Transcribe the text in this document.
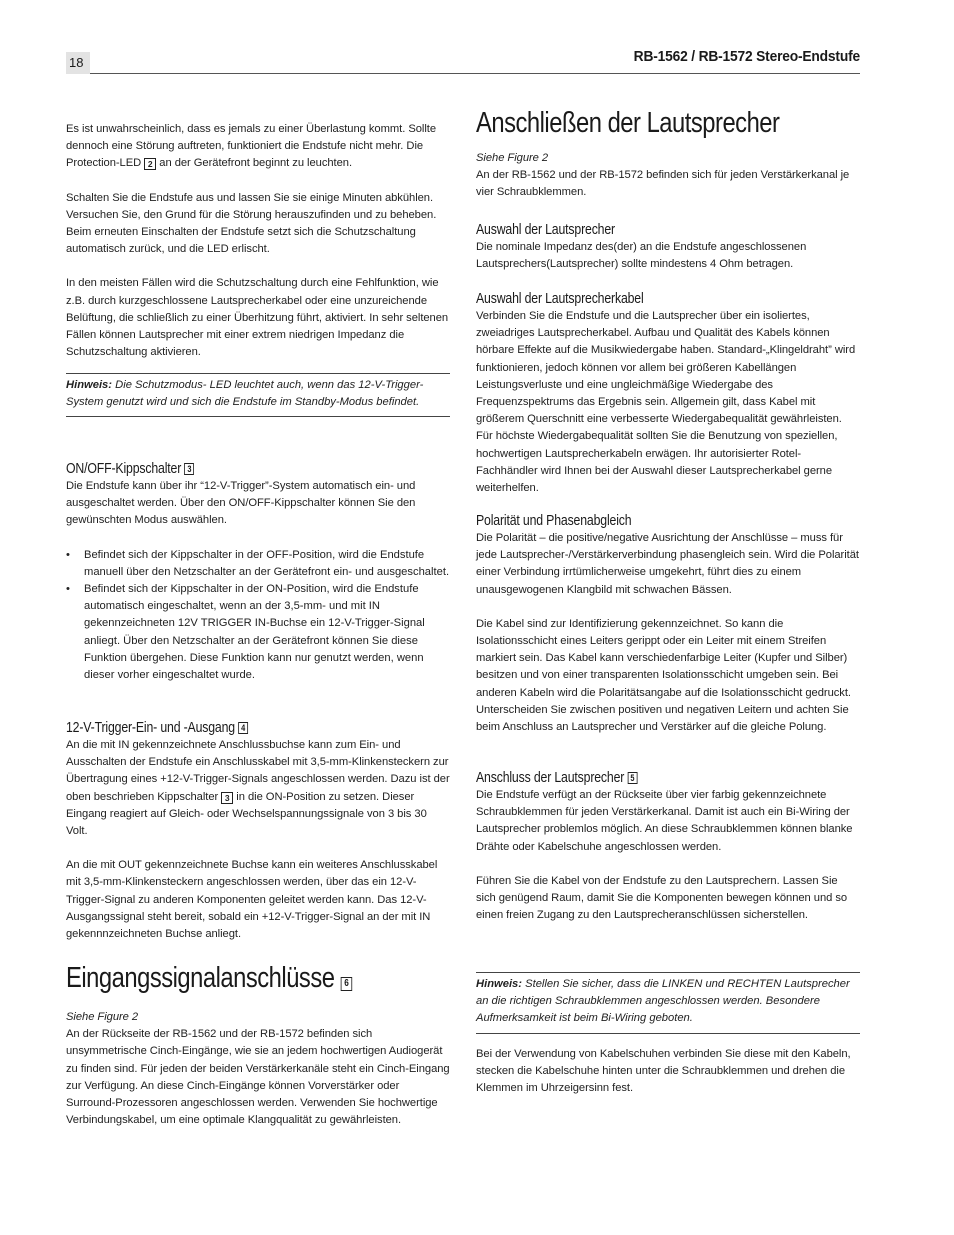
18	RB-1562 / RB-1572 Stereo-Endstufe

Es ist unwahrscheinlich, dass es jemals zu einer Überlastung kommt. Sollte dennoch eine Störung auftreten, funktioniert die Endstufe nicht mehr. Die Protection-LED 2 an der Gerätefront beginnt zu leuchten.

Schalten Sie die Endstufe aus und lassen Sie sie einige Minuten abkühlen. Versuchen Sie, den Grund für die Störung herauszufinden und zu beheben. Beim erneuten Einschalten der Endstufe setzt sich die Schutzschaltung automatisch zurück, und die LED erlischt.

In den meisten Fällen wird die Schutzschaltung durch eine Fehlfunktion, wie z.B. durch kurzgeschlossene Lautsprecherkabel oder eine unzureichende Belüftung, die schließlich zu einer Überhitzung führt, aktiviert. In sehr seltenen Fällen können Lautsprecher mit einer extrem niedrigen Impedanz die Schutzschaltung aktivieren.

Hinweis: Die Schutzmodus- LED leuchtet auch, wenn das 12-V-Trigger-System genutzt wird und sich die Endstufe im Standby-Modus befindet.

ON/OFF-Kippschalter 3

Die Endstufe kann über ihr “12-V-Trigger”-System automatisch ein- und ausgeschaltet werden. Über den ON/OFF-Kippschalter können Sie den gewünschten Modus auswählen.

• Befindet sich der Kippschalter in der OFF-Position, wird die Endstufe manuell über den Netzschalter an der Gerätefront ein- und ausgeschaltet.
• Befindet sich der Kippschalter in der ON-Position, wird die Endstufe automatisch eingeschaltet, wenn an der 3,5-mm- und mit IN gekennzeichneten 12V TRIGGER IN-Buchse ein 12-V-Trigger-Signal anliegt. Über den Netzschalter an der Gerätefront können Sie diese Funktion übergehen. Diese Funktion kann nur genutzt werden, wenn dieser vorher eingeschaltet wurde.
12-V-Trigger-Ein- und -Ausgang 4

An die mit IN gekennzeichnete Anschlussbuchse kann zum Ein- und Ausschalten der Endstufe ein Anschlusskabel mit 3,5-mm-Klinkensteckern zur Übertragung eines +12-V-Trigger-Signals angeschlossen werden. Dazu ist der oben beschrieben Kippschalter 3 in die ON-Position zu setzen. Dieser Eingang reagiert auf Gleich- oder Wechselspannungssignale von 3 bis 30 Volt.

An die mit OUT gekennzeichnete Buchse kann ein weiteres Anschlusskabel mit 3,5-mm-Klinkensteckern angeschlossen werden, über das ein 12-V-Trigger-Signal zu anderen Komponenten geleitet werden kann. Das 12-V-Ausgangssignal steht bereit, sobald ein +12-V-Trigger-Signal an der mit IN gekennnzeichneten Buchse anliegt.

Eingangssignalanschlüsse 6

Siehe Figure 2

An der Rückseite der RB-1562 und der RB-1572 befinden sich unsymmetrische Cinch-Eingänge, wie sie an jedem hochwertigen Audiogerät zu finden sind. Für jeden der beiden Verstärkerkanäle steht ein Cinch-Eingang zur Verfügung. An diese Cinch-Eingänge können Vorverstärker oder Surround-Prozessoren angeschlossen werden. Verwenden Sie hochwertige Verbindungskabel, um eine optimale Klangqualität zu gewährleisten.

Anschließen der Lautsprecher

Siehe Figure 2

An der RB-1562 und der RB-1572 befinden sich für jeden Verstärkerkanal je vier Schraubklemmen.

Auswahl der Lautsprecher

Die nominale Impedanz des(der) an die Endstufe angeschlossenen Lautsprechers(Lautsprecher) sollte mindestens 4 Ohm betragen.

Auswahl der Lautsprecherkabel

Verbinden Sie die Endstufe und die Lautsprecher über ein isoliertes, zweiadriges Lautsprecherkabel. Aufbau und Qualität des Kabels können hörbare Effekte auf die Musikwiedergabe haben. Standard-„Klingeldraht” wird funktionieren, jedoch können vor allem bei größeren Kabellängen Leistungsverluste und eine ungleichmäßige Wiedergabe des Frequenzspektrums das Ergebnis sein. Allgemein gilt, dass Kabel mit größerem Querschnitt eine verbesserte Wiedergabequalität gewährleisten. Für höchste Wiedergabequalität sollten Sie die Benutzung von speziellen, hochwertigen Lautsprecherkabeln erwägen. Ihr autorisierter Rotel-Fachhändler wird Ihnen bei der Auswahl dieser Lautsprecherkabel gerne weiterhelfen.

Polarität und Phasenabgleich

Die Polarität – die positive/negative Ausrichtung der Anschlüsse – muss für jede Lautsprecher-/Verstärkerverbindung phasengleich sein. Wird die Polarität einer Verbindung irrtümlicherweise umgekehrt, führt dies zu einem unausgewogenen Klangbild mit schwachen Bässen.

Die Kabel sind zur Identifizierung gekennzeichnet. So kann die Isolationsschicht eines Leiters gerippt oder ein Leiter mit einem Streifen markiert sein. Das Kabel kann verschiedenfarbige Leiter (Kupfer und Silber) besitzen und von einer transparenten Isolationsschicht umgeben sein. Bei anderen Kabeln wird die Polaritätsangabe auf die Isolationsschicht gedruckt. Unterscheiden Sie zwischen positiven und negativen Leitern und achten Sie beim Anschluss an Lautsprecher und Verstärker auf die gleiche Polung.

Anschluss der Lautsprecher 5

Die Endstufe verfügt an der Rückseite über vier farbig gekennzeichnete Schraubklemmen für jeden Verstärkerkanal. Damit ist auch ein Bi-Wiring der Lautsprecher problemlos möglich. An diese Schraubklemmen können blanke Drähte oder Kabelschuhe angeschlossen werden.

Führen Sie die Kabel von der Endstufe zu den Lautsprechern. Lassen Sie sich genügend Raum, damit Sie die Komponenten bewegen können und so einen freien Zugang zu den Lautsprecheranschlüssen sicherstellen.

Hinweis: Stellen Sie sicher, dass die LINKEN und RECHTEN Lautsprecher an die richtigen Schraubklemmen angeschlossen werden. Besondere Aufmerksamkeit ist beim Bi-Wiring geboten.

Bei der Verwendung von Kabelschuhen verbinden Sie diese mit den Kabeln, stecken die Kabelschuhe hinten unter die Schraubklemmen und drehen die Klemmen im Uhrzeigersinn fest.
